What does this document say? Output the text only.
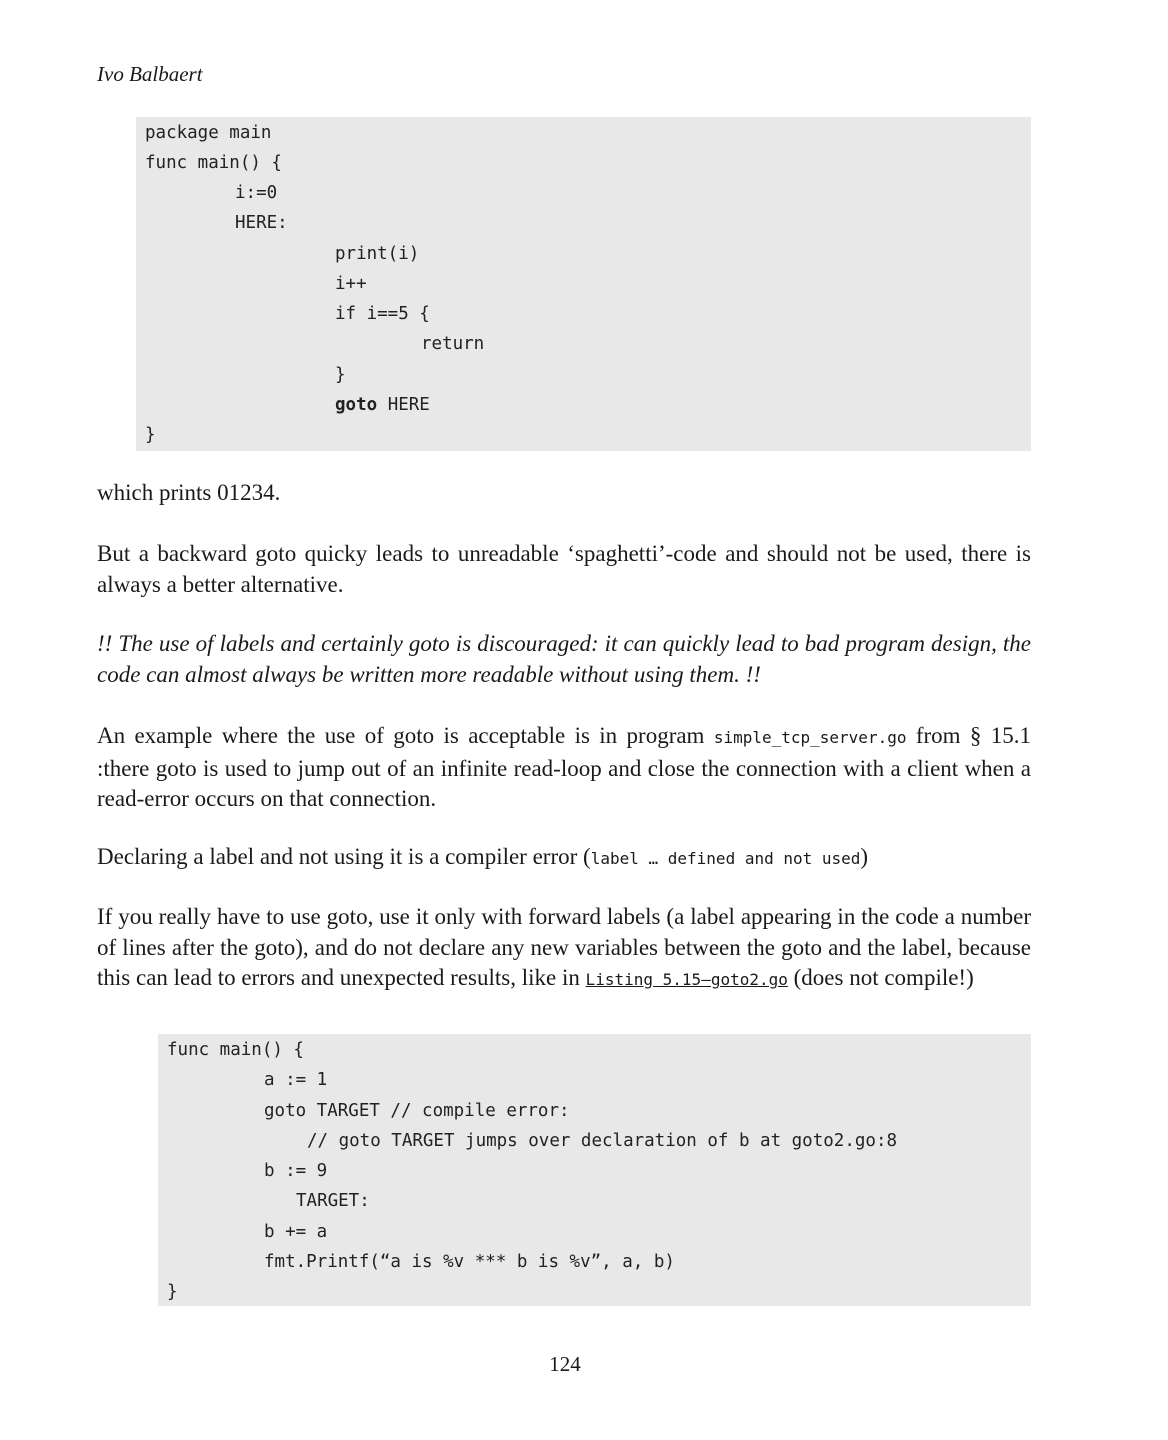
Ivo Balbaert
package main
func main() {
i:=0
HERE:
print(i)
i++
if i==5 {
return
}
goto HERE
}
which prints 01234.
But a backward goto quicky leads to unreadable ‘spaghetti’-code and should not be used, there is always a better alternative.
!! The use of labels and certainly goto is discouraged: it can quickly lead to bad program design, the code can almost always be written more readable without using them. !!
An example where the use of goto is acceptable is in program simple_tcp_server.go from § 15.1 :there goto is used to jump out of an infinite read-loop and close the connection with a client when a read-error occurs on that connection.
Declaring a label and not using it is a compiler error (label … defined and not used)
If you really have to use goto, use it only with forward labels (a label appearing in the code a number of lines after the goto), and do not declare any new variables between the goto and the label, because this can lead to errors and unexpected results, like in Listing 5.15—goto2.go (does not compile!)
func main() {
a := 1
goto TARGET // compile error:
// goto TARGET jumps over declaration of b at goto2.go:8
b := 9
TARGET:
b += a
fmt.Printf(“a is %v *** b is %v”, a, b)
}
124
